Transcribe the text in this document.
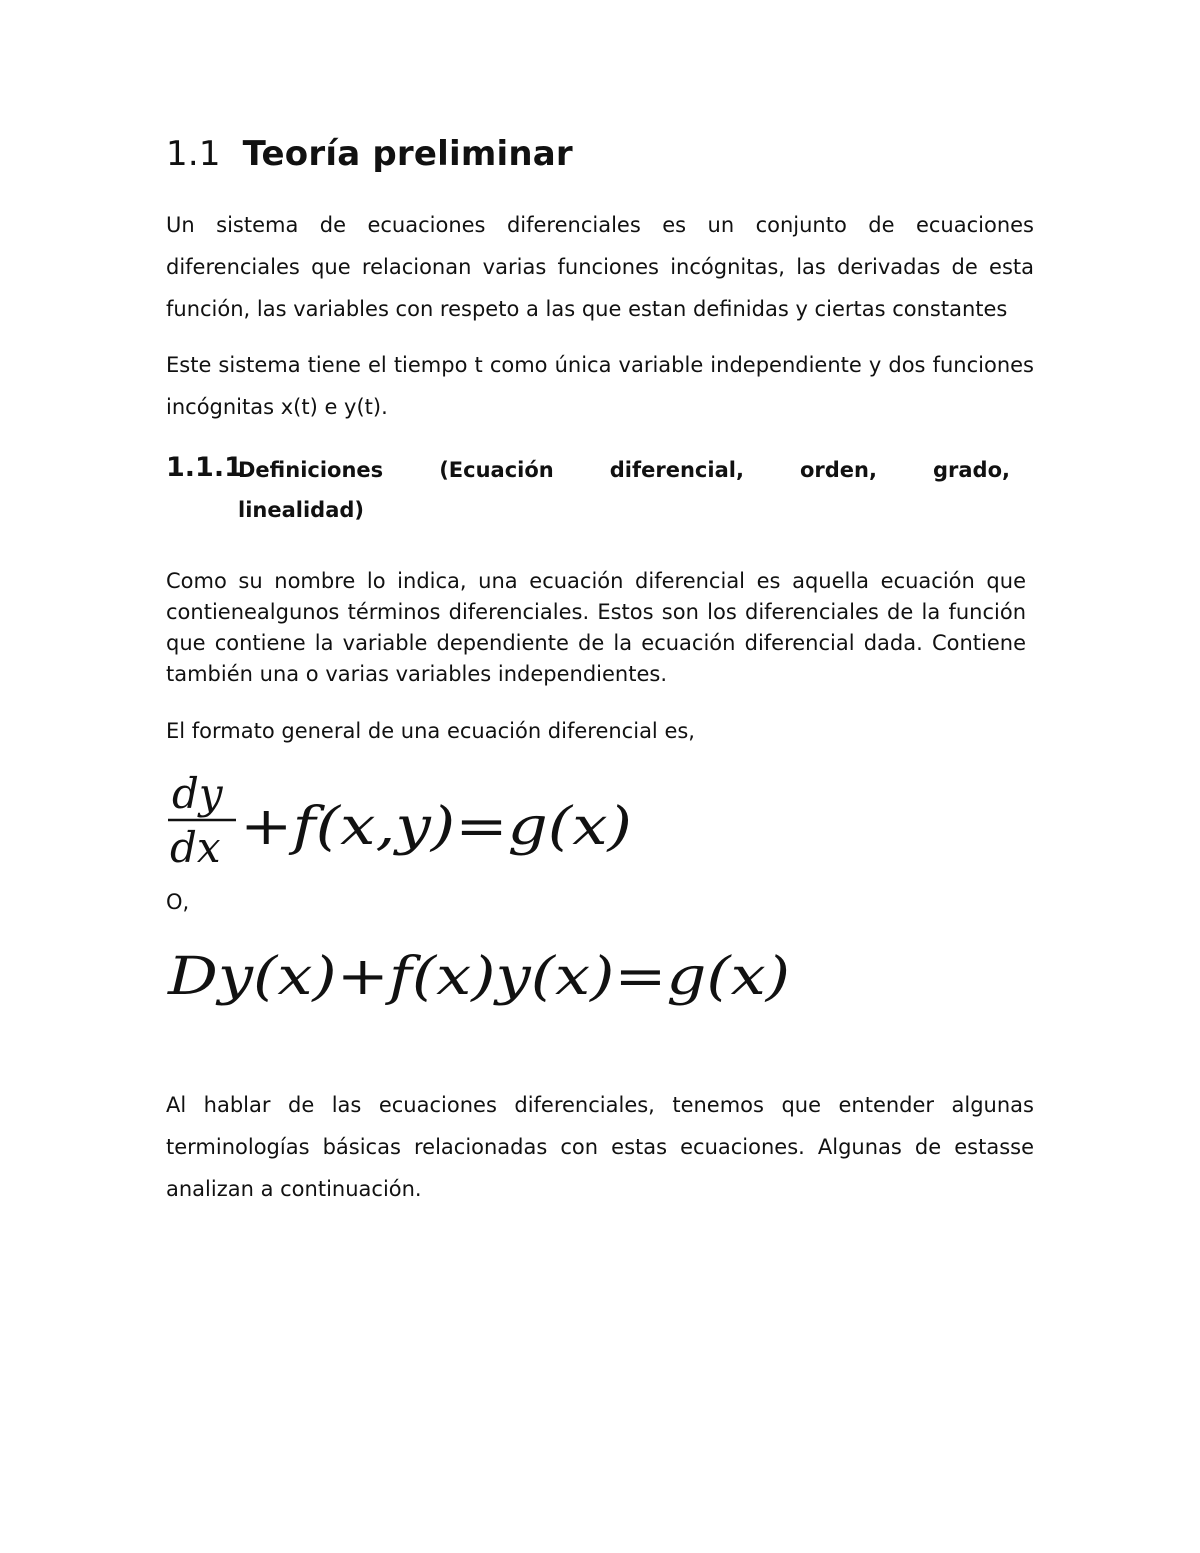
1.1 Teoría preliminar
Un sistema de ecuaciones diferenciales es un conjunto de ecuaciones diferenciales que relacionan varias funciones incógnitas, las derivadas de esta función, las variables con respeto a las que estan definidas y ciertas constantes
Este sistema tiene el tiempo t como única variable independiente y dos funciones incógnitas x(t) e y(t).
1.1.1
Definiciones	(Ecuación	diferencial,	orden,	grado,
linealidad)
Como su nombre lo indica, una ecuación diferencial es aquella ecuación que contienealgunos términos diferenciales. Estos son los diferenciales de la función que contiene la variable dependiente de la ecuación diferencial dada. Contiene también una o varias variables independientes.
El formato general de una ecuación diferencial es,
dy
dx +f(x,y)=g(x)
O,
Dy(x)+f(x)y(x)=g(x)
Al hablar de las ecuaciones diferenciales, tenemos que entender algunas terminologías básicas relacionadas con estas ecuaciones. Algunas de estasse analizan a continuación.
